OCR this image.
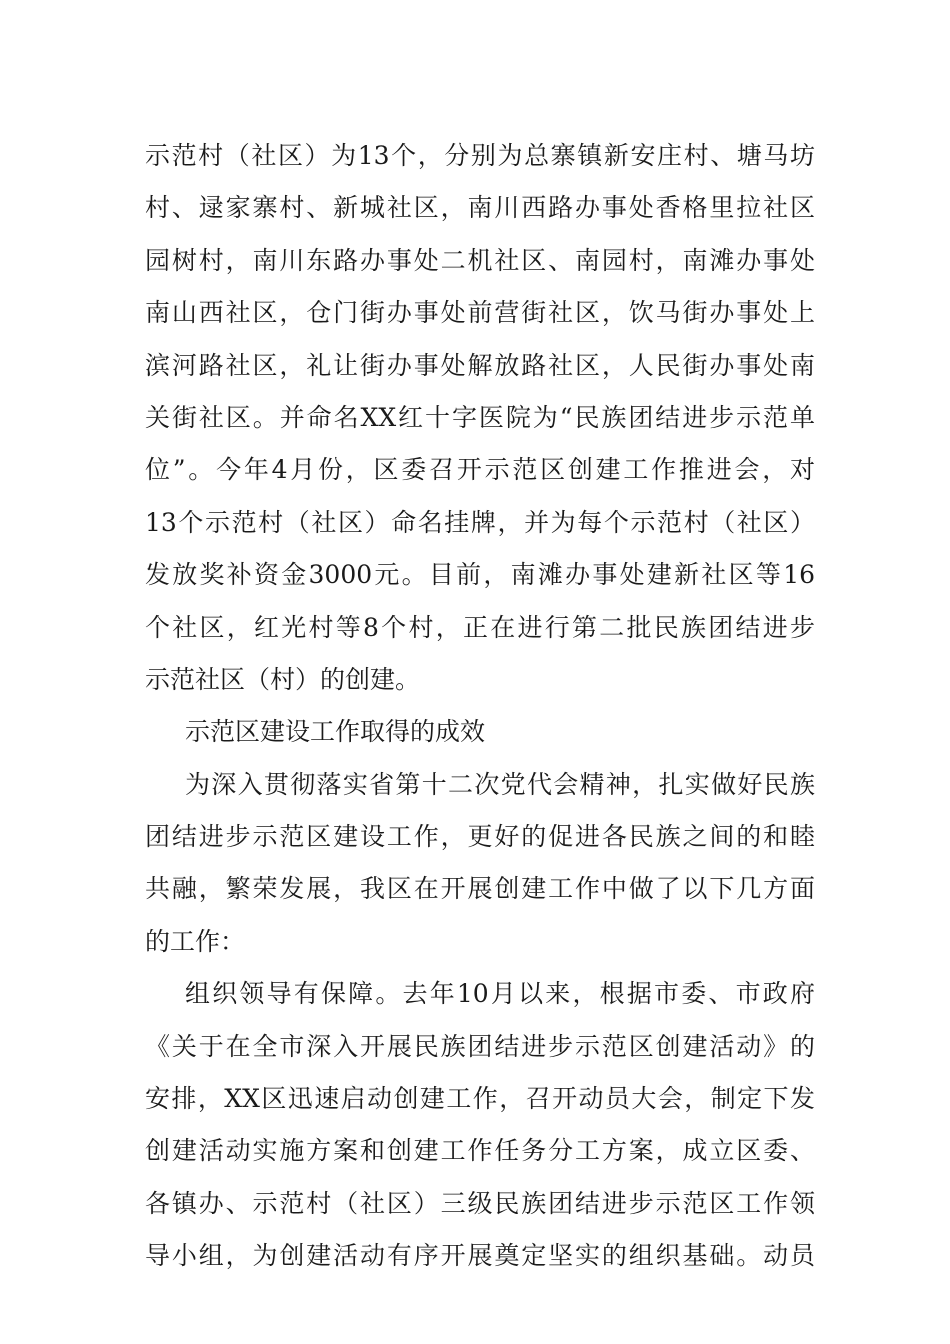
示范村（社区）为13个，分别为总寨镇新安庄村、塘马坊
村、逯家寨村、新城社区，南川西路办事处香格里拉社区
园树村，南川东路办事处二机社区、南园村，南滩办事处
南山西社区，仓门街办事处前营街社区，饮马街办事处上
滨河路社区，礼让街办事处解放路社区，人民街办事处南
关街社区。并命名XX红十字医院为“民族团结进步示范单
位”。今年4月份，区委召开示范区创建工作推进会，对
13个示范村（社区）命名挂牌，并为每个示范村（社区）
发放奖补资金3000元。目前，南滩办事处建新社区等16
个社区，红光村等8个村，正在进行第二批民族团结进步
示范社区（村）的创建。
示范区建设工作取得的成效
为深入贯彻落实省第十二次党代会精神，扎实做好民族
团结进步示范区建设工作，更好的促进各民族之间的和睦
共融，繁荣发展，我区在开展创建工作中做了以下几方面
的工作：
组织领导有保障。去年10月以来，根据市委、市政府
《关于在全市深入开展民族团结进步示范区创建活动》的
安排，XX区迅速启动创建工作，召开动员大会，制定下发
创建活动实施方案和创建工作任务分工方案，成立区委、
各镇办、示范村（社区）三级民族团结进步示范区工作领
导小组，为创建活动有序开展奠定坚实的组织基础。动员
